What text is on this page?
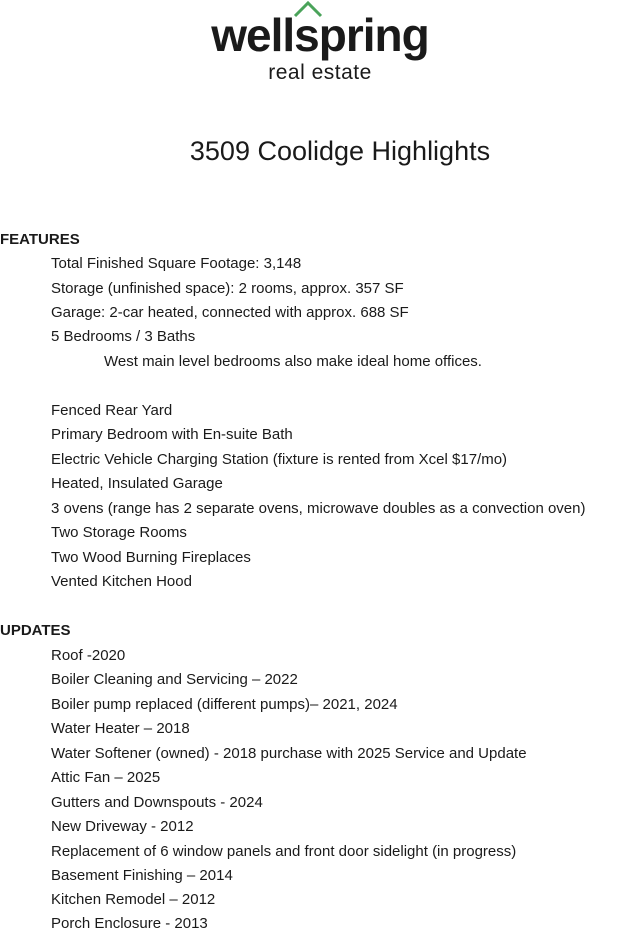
wellspring
real estate
3509 Coolidge Highlights
FEATURES
Total Finished Square Footage: 3,148
Storage (unfinished space): 2 rooms, approx. 357 SF
Garage: 2-car heated, connected with approx. 688 SF
5 Bedrooms / 3 Baths
West main level bedrooms also make ideal home offices.
Fenced Rear Yard
Primary Bedroom with En-suite Bath
Electric Vehicle Charging Station (fixture is rented from Xcel $17/mo)
Heated, Insulated Garage
3 ovens (range has 2 separate ovens, microwave doubles as a convection oven)
Two Storage Rooms
Two Wood Burning Fireplaces
Vented Kitchen Hood
UPDATES
Roof -2020
Boiler Cleaning and Servicing – 2022
Boiler pump replaced (different pumps)– 2021, 2024
Water Heater – 2018
Water Softener (owned) - 2018 purchase with 2025 Service and Update
Attic Fan – 2025
Gutters and Downspouts - 2024
New Driveway - 2012
Replacement of 6 window panels and front door sidelight (in progress)
Basement Finishing – 2014
Kitchen Remodel – 2012
Porch Enclosure - 2013
